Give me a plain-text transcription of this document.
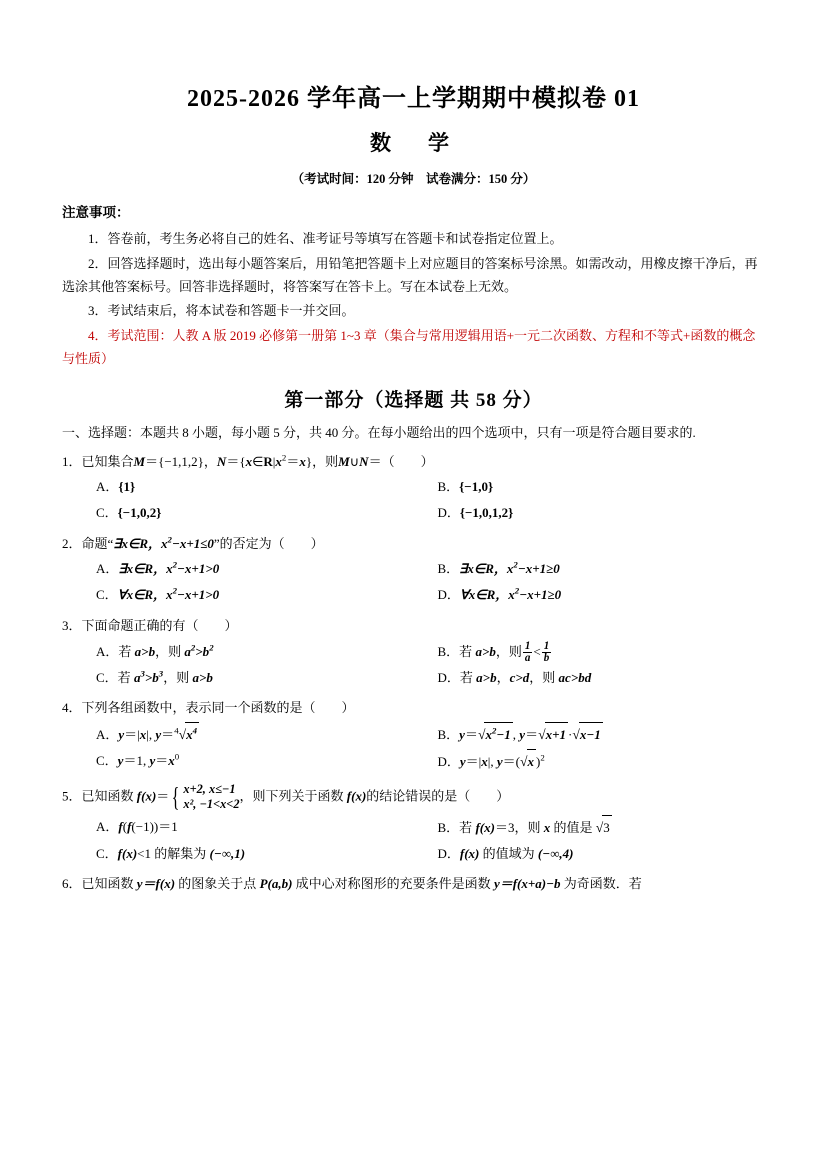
2025-2026 学年高一上学期期中模拟卷 01
数　学
（考试时间：120 分钟　试卷满分：150 分）
注意事项：

1．答卷前，考生务必将自己的姓名、准考证号等填写在答题卡和试卷指定位置上。

2．回答选择题时，选出每小题答案后，用铅笔把答题卡上对应题目的答案标号涂黑。如需改动，用橡皮擦干净后，再选涂其他答案标号。回答非选择题时，将答案写在答卡上。写在本试卷上无效。

3．考试结束后，将本试卷和答题卡一并交回。

4．考试范围：人教 A 版 2019 必修第一册第 1~3 章（集合与常用逻辑用语+一元二次函数、方程和不等式+函数的概念与性质）

第一部分（选择题 共 58 分）

一、选择题：本题共 8 小题，每小题 5 分，共 40 分。在每小题给出的四个选项中，只有一项是符合题目要求的.

1．已知集合M＝{−1,1,2}，$N=\{x\in R|x^2=x\}$，则M∪N＝（　　）
A．{1}	B．{−1,0}
C．{−1,0,2}	D．{−1,0,1,2}
2．命题“∃x∈R，$x^2-x+1\le 0$”的否定为（　　）
A．∃x∈R，$x^2-x+1>0$	B．∃x∈R，$x^2-x+1\ge 0$
C．∀x∈R，$x^2-x+1>0$	D．∀x∈R，$x^2-x+1\ge 0$
3．下面命题正确的有（　　）
A．若 a>b，则 $a^2>b^2$	B．若 a>b，则 $\frac{1}{a} < \frac{1}{b}$
C．若 $a^3>b^3$，则 a>b	D．若 a>b，c>d，则 ac>bd
4．下列各组函数中，表示同一个函数的是（　　）
A．y＝|x|, $y=^4√x^4$	B．$y=√x^2-1$ , y＝√x+1 ·√x−1
C．y＝1, $y=x^0$	D．y＝|x|, y＝(√x )$^2$
5．已知函数 f(x)＝ { x+2, x≤−1
x², −1<x<2
，则下列关于函数 f(x)的结论错误的是（　　）
A．f(f(−1))＝1	B．若 f(x)＝3，则 x 的值是 √3
C．f(x)<1 的解集为 (−∞,1)	D．f(x) 的值域为 (−∞,4)
6．已知函数 y＝f(x) 的图象关于点 P(a,b) 成中心对称图形的充要条件是函数 y＝f(x+a)−b 为奇函数．若
